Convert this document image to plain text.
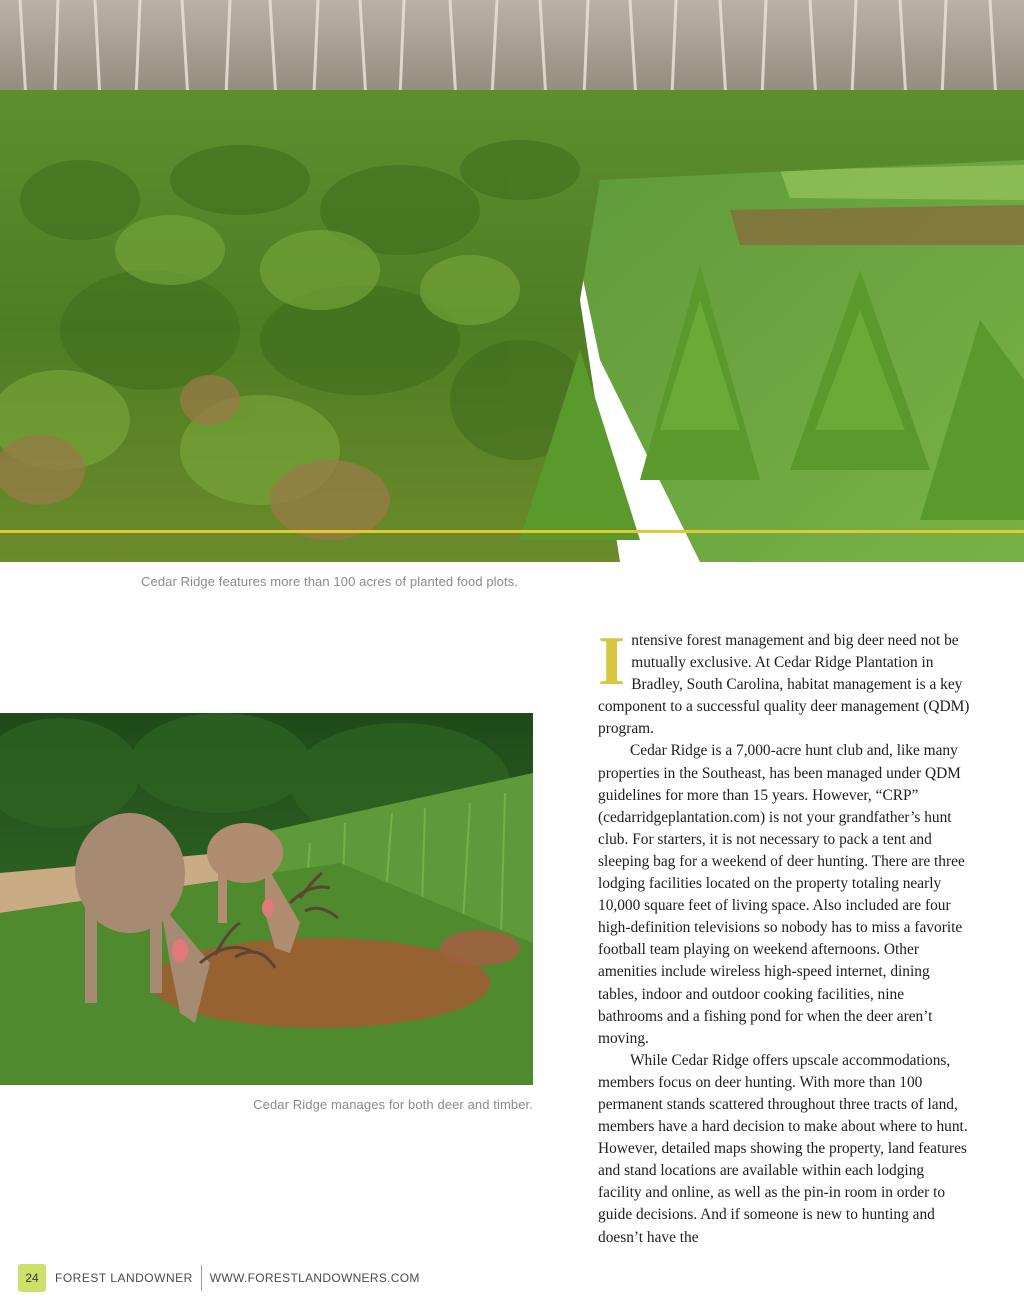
Cedar Ridge features more than 100 acres of planted food plots.
Cedar Ridge manages for both deer and timber.

Intensive forest management and big deer need not be mutually exclusive. At Cedar Ridge Plantation in Bradley, South Carolina, habitat management is a key component to a successful quality deer management (QDM) program.

Cedar Ridge is a 7,000-acre hunt club and, like many properties in the Southeast, has been managed under QDM guidelines for more than 15 years. However, “CRP” (cedarridgeplantation.com) is not your grandfather’s hunt club. For starters, it is not necessary to pack a tent and sleeping bag for a weekend of deer hunting. There are three lodging facilities located on the property totaling nearly 10,000 square feet of living space. Also included are four high-definition televisions so nobody has to miss a favorite football team playing on weekend afternoons. Other amenities include wireless high-speed internet, dining tables, indoor and outdoor cooking facilities, nine bathrooms and a fishing pond for when the deer aren’t moving.

While Cedar Ridge offers upscale accommodations, members focus on deer hunting. With more than 100 permanent stands scattered throughout three tracts of land, members have a hard decision to make about where to hunt. However, detailed maps showing the property, land features and stand locations are available within each lodging facility and online, as well as the pin-in room in order to guide decisions. And if someone is new to hunting and doesn’t have the

24 FOREST LANDOWNER WWW.FORESTLANDOWNERS.COM
